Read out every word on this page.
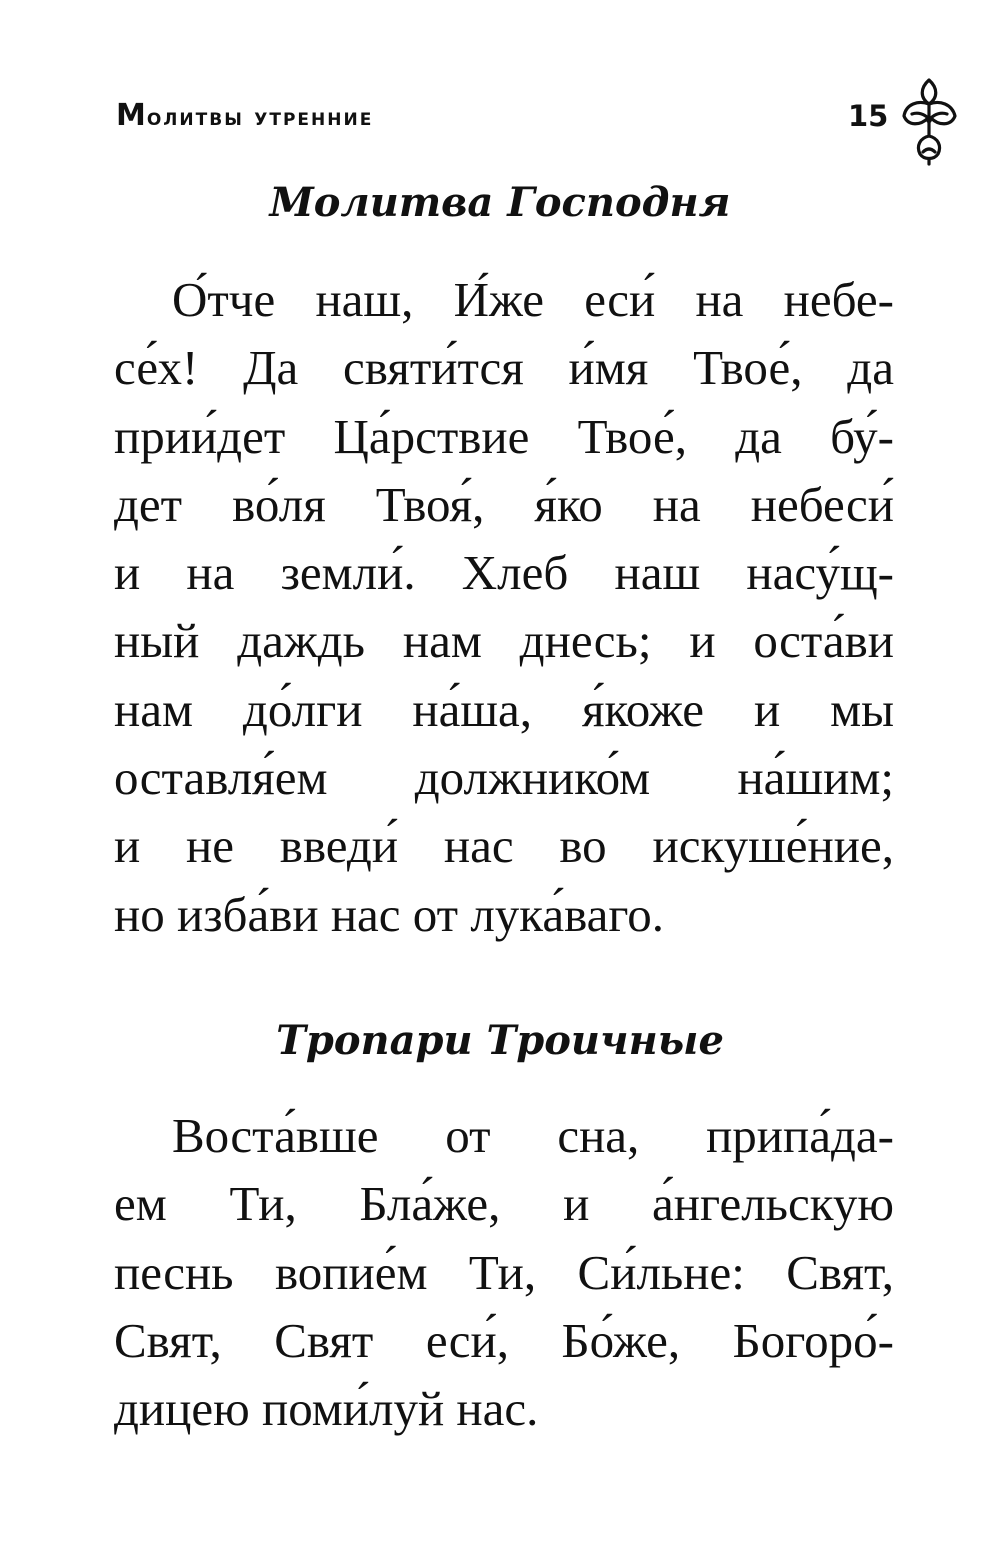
Молитвы утренние	15
Молитва Господня
О́тче наш, И́же еси́ на небе-
се́х! Да святи́тся и́мя Твое́, да
прии́дет Ца́рствие Твое́, да бу́-
дет во́ля Твоя́, я́ко на небеси́
и на земли́. Хлеб наш насу́щ-
ный даждь нам днесь; и оста́ви
нам до́лги на́ша, я́коже и мы
оставля́ем должнико́м на́шим;
и не введи́ нас во искуше́ние,
но изба́ви нас от лука́ваго.
Тропари Троичные
Воста́вше от сна, припа́да-
ем Ти, Бла́же, и а́нгельскую
песнь вопие́м Ти, Си́льне: Свят,
Свят, Свят еси́, Бо́же, Богоро́-
дицею поми́луй нас.
